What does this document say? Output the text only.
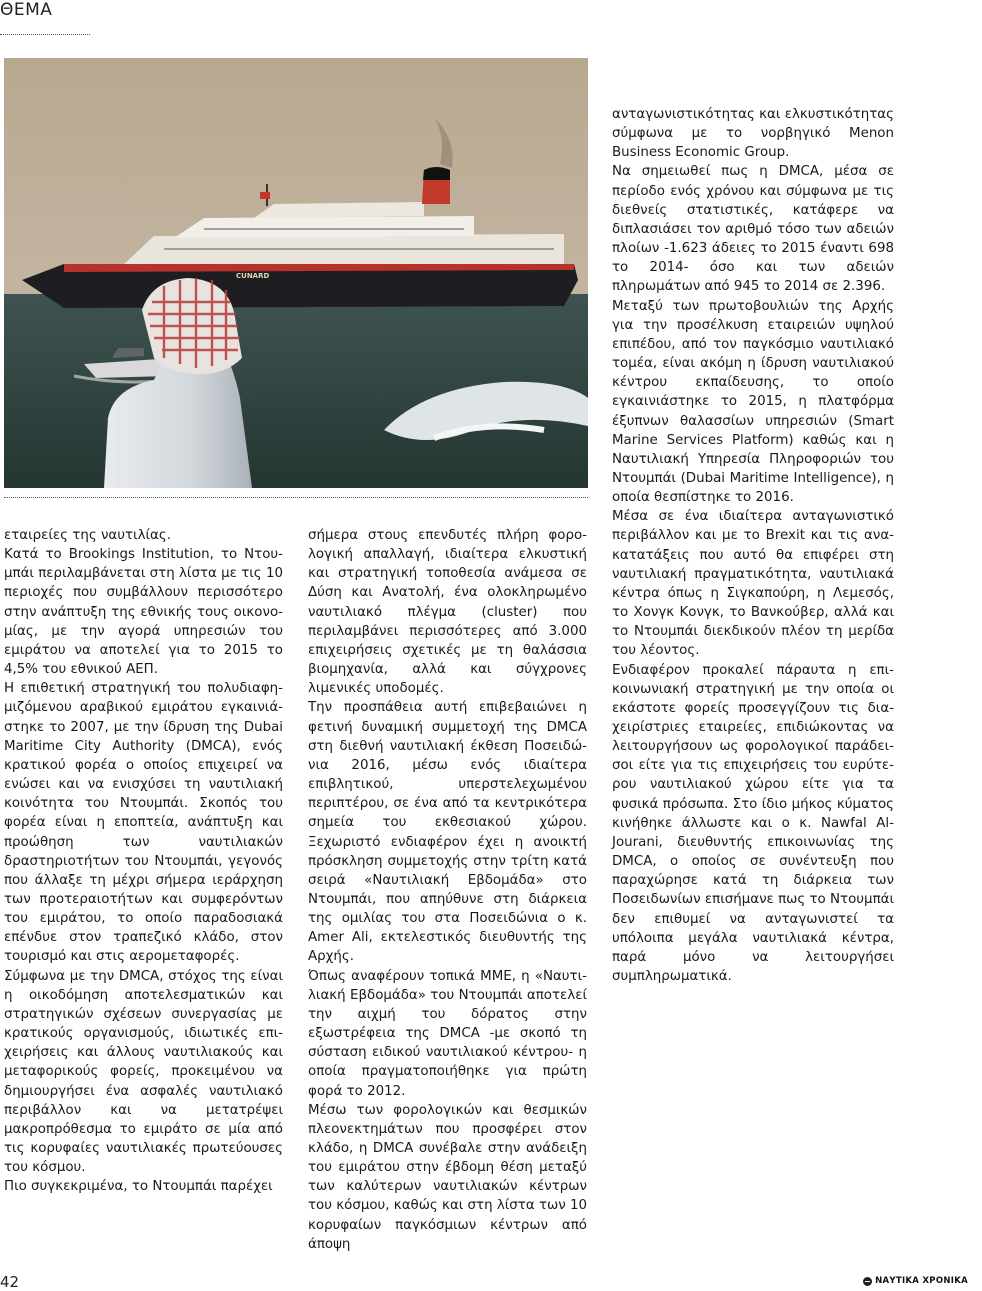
ΘΕΜΑ
CUNARD

εταιρείες της ναυτιλίας.

Κατά το Brookings Institution, το Ντουμπάι περιλαμβάνεται στη λίστα με τις 10 περιοχές που συμβάλλουν περισσότερο στην ανάπτυξη της εθνικής τους οικονομίας, με την αγορά υπηρεσιών του εμιράτου να αποτελεί για το 2015 το 4,5% του εθνικού ΑΕΠ.

Η επιθετική στρατηγική του πολυδιαφημιζόμενου αραβικού εμιράτου εγκαινιάστηκε το 2007, με την ίδρυση της Dubai Maritime City Authority (DMCA), ενός κρατικού φορέα ο οποίος επιχειρεί να ενώσει και να ενισχύσει τη ναυτιλιακή κοινότητα του Ντουμπάι. Σκοπός του φορέα είναι η εποπτεία, ανάπτυξη και προώθηση των ναυτιλιακών δραστηριοτήτων του Ντουμπάι, γεγονός που άλλαξε τη μέχρι σήμερα ιεράρχηση των προτεραιοτήτων και συμφερόντων του εμιράτου, το οποίο παραδοσιακά επένδυε στον τραπεζικό κλάδο, στον τουρισμό και στις αερομεταφορές.

Σύμφωνα με την DMCA, στόχος της είναι η οικοδόμηση αποτελεσματικών και στρατηγικών σχέσεων συνεργασίας με κρατικούς οργανισμούς, ιδιωτικές επιχειρήσεις και άλλους ναυτιλιακούς και μεταφορικούς φορείς, προκειμένου να δημιουργήσει ένα ασφαλές ναυτιλιακό περιβάλλον και να μετατρέψει μακροπρόθεσμα το εμιράτο σε μία από τις κορυφαίες ναυτιλιακές πρωτεύουσες του κόσμου.

Πιο συγκεκριμένα, το Ντουμπάι παρέχει

σήμερα στους επενδυτές πλήρη φορολογική απαλλαγή, ιδιαίτερα ελκυστική και στρατηγική τοποθεσία ανάμεσα σε Δύση και Ανατολή, ένα ολοκληρωμένο ναυτιλιακό πλέγμα (cluster) που περιλαμβάνει περισσότερες από 3.000 επιχειρήσεις σχετικές με τη θαλάσσια βιομηχανία, αλλά και σύγχρονες λιμενικές υποδομές.

Την προσπάθεια αυτή επιβεβαιώνει η φετινή δυναμική συμμετοχή της DMCA στη διεθνή ναυτιλιακή έκθεση Ποσειδώνια 2016, μέσω ενός ιδιαίτερα επιβλητικού, υπερστελεχωμένου περιπτέρου, σε ένα από τα κεντρικότερα σημεία του εκθεσιακού χώρου. Ξεχωριστό ενδιαφέρον έχει η ανοικτή πρόσκληση συμμετοχής στην τρίτη κατά σειρά «Ναυτιλιακή Εβδομάδα» στο Ντουμπάι, που απηύθυνε στη διάρκεια της ομιλίας του στα Ποσειδώνια ο κ. Amer Ali, εκτελεστικός διευθυντής της Αρχής.

Όπως αναφέρουν τοπικά ΜΜΕ, η «Ναυτιλιακή Εβδομάδα» του Ντουμπάι αποτελεί την αιχμή του δόρατος στην εξωστρέφεια της DMCA -με σκοπό τη σύσταση ειδικού ναυτιλιακού κέντρου- η οποία πραγματοποιήθηκε για πρώτη φορά το 2012.

Μέσω των φορολογικών και θεσμικών πλεονεκτημάτων που προσφέρει στον κλάδο, η DMCA συνέβαλε στην ανάδειξη του εμιράτου στην έβδομη θέση μεταξύ των καλύτερων ναυτιλιακών κέντρων του κόσμου, καθώς και στη λίστα των 10 κορυφαίων παγκόσμιων κέντρων από άποψη

ανταγωνιστικότητας και ελκυστικότητας σύμφωνα με το νορβηγικό Menon Business Economic Group.

Να σημειωθεί πως η DMCA, μέσα σε περίοδο ενός χρόνου και σύμφωνα με τις διεθνείς στατιστικές, κατάφερε να διπλασιάσει τον αριθμό τόσο των αδειών πλοίων -1.623 άδειες το 2015 έναντι 698 το 2014- όσο και των αδειών πληρωμάτων από 945 το 2014 σε 2.396.

Μεταξύ των πρωτοβουλιών της Αρχής για την προσέλκυση εταιρειών υψηλού επιπέδου, από τον παγκόσμιο ναυτιλιακό τομέα, είναι ακόμη η ίδρυση ναυτιλιακού κέντρου εκπαίδευσης, το οποίο εγκαινιάστηκε το 2015, η πλατφόρμα έξυπνων θαλασσίων υπηρεσιών (Smart Marine Services Platform) καθώς και η Ναυτιλιακή Υπηρεσία Πληροφοριών του Ντουμπάι (Dubai Maritime Intelligence), η οποία θεσπίστηκε το 2016.

Μέσα σε ένα ιδιαίτερα ανταγωνιστικό περιβάλλον και με το Brexit και τις ανακατατάξεις που αυτό θα επιφέρει στη ναυτιλιακή πραγματικότητα, ναυτιλιακά κέντρα όπως η Σιγκαπούρη, η Λεμεσός, το Χονγκ Κονγκ, το Βανκούβερ, αλλά και το Ντουμπάι διεκδικούν πλέον τη μερίδα του λέοντος.

Ενδιαφέρον προκαλεί πάραυτα η επικοινωνιακή στρατηγική με την οποία οι εκάστοτε φορείς προσεγγίζουν τις διαχειρίστριες εταιρείες, επιδιώκοντας να λειτουργήσουν ως φορολογικοί παράδεισοι είτε για τις επιχειρήσεις του ευρύτερου ναυτιλιακού χώρου είτε για τα φυσικά πρόσωπα. Στο ίδιο μήκος κύματος κινήθηκε άλλωστε και ο κ. Nawfal Al-Jourani, διευθυντής επικοινωνίας της DMCA, ο οποίος σε συνέντευξη που παραχώρησε κατά τη διάρκεια των Ποσειδωνίων επισήμανε πως το Ντουμπάι δεν επιθυμεί να ανταγωνιστεί τα υπόλοιπα μεγάλα ναυτιλιακά κέντρα, παρά μόνο να λειτουργήσει συμπληρωματικά.

42	ΝΑΥΤΙΚΑ ΧΡΟΝΙΚΑ
